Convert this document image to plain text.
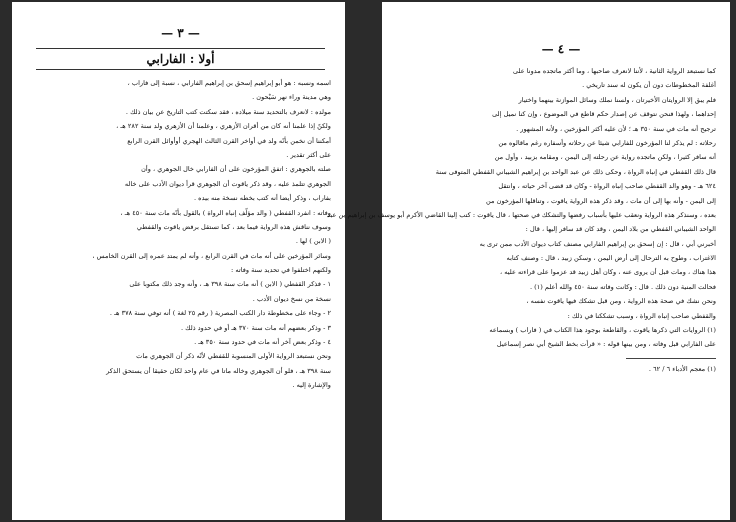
— ٣ —
أولا : الفارابي
اسمه ونسبه : هو أبو إبراهيم إسحق بن إبراهيم الفارابي ، نسبة إلى فاراب ،
وهي مدينة وراء نهر سَيْحون .
مولده : لانعرف بالتحديد سنة ميلاده ، فقد سكتت كتب التاريخ عن بيان ذلك .
ولكنّ إذا علمنا أنه كان من أقران الأزهري ، وعلمنا أن الأزهري ولد سنة ٢٨٢ هـ ،
أمكننا أن نخمن بأنّه ولد في أواخر القرن الثالث الهجري أوأوائل القرن الرابع
على أكثر تقدير .
صلته بالجوهري : اتفق المؤرخون على أن الفارابي خال الجوهري ، وأن
الجوهري تتلمذ عليه ، وقد ذكر ياقوت أن الجوهري قرأ ديوان الأدب على خاله
بفاراب ، وذكر أيضا أنه كتب بخطه نسخة منه بيده .
وفاته : انفرد القفطي ( والد مؤلّف إنباه الرواة ) بالقول بأنّه مات سنة ٤٥٠ هـ ،
وسوف نناقش هذه الرواية فيما بعد ، كما تستقل برفض ياقوت والقفطي
( الابن ) لها .
وسائر المؤرخين على أنه مات في القرن الرابع ، وأنه لم يمتد عمره إلى القرن الخامس ،
ولكنهم اختلفوا في تحديد سنة وفاته :
١ - فذكر القفطي ( الابن ) أنه مات سنة ٣٩٨ هـ ، وأنه وجد ذلك مكتوبا على
نسخة من نسخ ديوان الأدب .
٢ - وجاء على مخطوطة دار الكتب المصرية ( رقم ٢٥ لغة ) أنه توفي سنة ٣٧٨ هـ .
٣ - وذكر بعضهم أنه مات سنة ٣٧٠ هـ أو في حدود ذلك .
٤ - وذكر بعض آخر أنه مات في حدود سنة ٣٥٠ هـ .
ونحن نستبعد الرواية الأولى المنسوبة للقفطي لأنّه ذكر أن الجوهري مات
سنة ٣٩٨ هـ ، فلو أن الجوهري وخاله ماتا في عام واحد لكان حقيقا أن يستحق الذكر
والإشارة إليه .
— ٤ —
كما نستبعد الرواية الثانية ، لأننا لانعرف صاحبها ، وما أكثر ماتجده مدونا على
أغلفة المخطوطات دون أن يكون له سند تاريخي .
فلم يبق إلا الروايتان الأخيرتان ، ولسنا نملك وسائل الموازنة بينهما واختيار
إحداهما ، ولهذا فنحن نتوقف عن إصدار حكم قاطع في الموضوع ، وإن كنا نميل إلى
ترجيح أنه مات في سنة ٣٥٠ هـ ؛ لأن عليه أكثر المؤرخين ، ولأنه المشهور .
رحلاته : لم يذكر لنا المؤرخون للفارابي شيئا عن رحلاته وأسفاره رغم ماقالوه من
أنه سافر كثيرا ، ولكن ماتجده رواية عن رحلته إلى اليمن ، ومقامه بزبيد ، وأول من
قال ذلك القفطي في إنباه الرواة ، وحكى ذلك عن عبد الواحد بن إبراهيم الشيباني القفطي المتوفى سنة
٦٢٤ هـ - وهو والد القفطي صاحب إنباه الرواة - وكان قد قضى آخر حياته ، وانتقل
إلى اليمن - وأنه بها إلى أن مات ، وقد ذكر هذه الرواية ياقوت ، وتناقلها المؤرخون من
بعده ، وسنذكر هذه الرواية ونعقب عليها بأسباب رفضها والتشكك في صحتها ، قال ياقوت : كتب إلينا القاضي الأكرم أبو يوسف بن إبراهيم بن عبد
الواحد الشيباني القفطي من بلاد اليمن ، وقد كان قد سافر إليها ، قال :
أخبرني أبي ، قال : إن إسحق بن إبراهيم الفارابي مصنف كتاب ديوان الأدب ممن ترى به
الاغتراب ، وطوح به الترحال إلى أرض اليمن ، وسكن زبيد ، قال : وصنف كتابه
هذا هناك ، ومات قبل أن يروى عنه ، وكان أهل زبيد قد عزموا على قراءته عليه ،
فحالت المنية دون ذلك . قال : وكانت وفاته سنة ٤٥٠ والله أعلم (١) .
ونحن نشك في صحة هذه الرواية ، ومن قبل تشكك فيها ياقوت نفسه ،
والقفطي صاحب إنباه الرواة ، وسبب تشككنا في ذلك :
(١) الروايات التي ذكرها ياقوت ، والقاطعة بوجود هذا الكتاب في ( فاراب ) وبسماعه
على الفارابي قبل وفاته ، ومن بينها قوله : « قرأت بخط الشيخ أبي نصر إسماعيل
(١) معجم الأدباء ٦ / ٦٢ .
